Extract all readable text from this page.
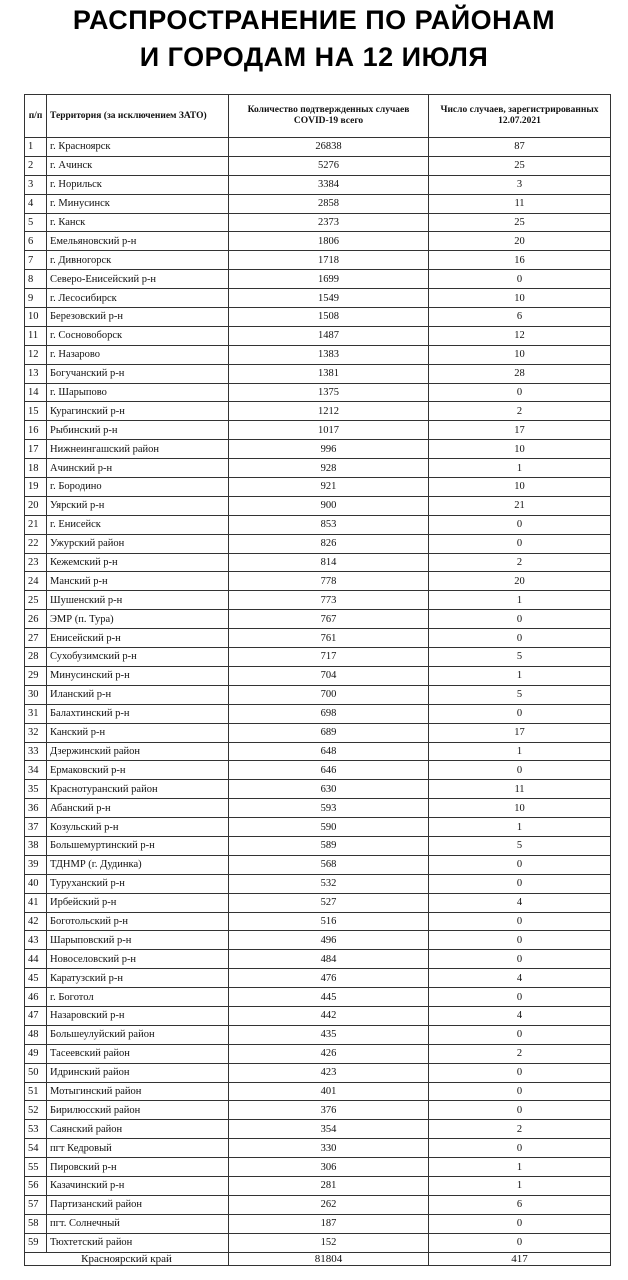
РАСПРОСТРАНЕНИЕ ПО РАЙОНАМ
И ГОРОДАМ НА 12 ИЮЛЯ
п/п	Территория (за исключением ЗАТО)	Количество подтвержденных случаев COVID-19 всего	Число случаев, зарегистрированных 12.07.2021
1	г. Красноярск	26838	87
2	г. Ачинск	5276	25
3	г. Норильск	3384	3
4	г. Минусинск	2858	11
5	г. Канск	2373	25
6	Емельяновский р-н	1806	20
7	г. Дивногорск	1718	16
8	Северо-Енисейский р-н	1699	0
9	г. Лесосибирск	1549	10
10	Березовский р-н	1508	6
11	г. Сосновоборск	1487	12
12	г. Назарово	1383	10
13	Богучанский р-н	1381	28
14	г. Шарыпово	1375	0
15	Курагинский р-н	1212	2
16	Рыбинский р-н	1017	17
17	Нижнеингашский район	996	10
18	Ачинский р-н	928	1
19	г. Бородино	921	10
20	Уярский р-н	900	21
21	г. Енисейск	853	0
22	Ужурский район	826	0
23	Кежемский р-н	814	2
24	Манский р-н	778	20
25	Шушенский р-н	773	1
26	ЭМР (п. Тура)	767	0
27	Енисейский р-н	761	0
28	Сухобузимский р-н	717	5
29	Минусинский р-н	704	1
30	Иланский р-н	700	5
31	Балахтинский р-н	698	0
32	Канский р-н	689	17
33	Дзержинский район	648	1
34	Ермаковский р-н	646	0
35	Краснотуранский район	630	11
36	Абанский р-н	593	10
37	Козульский р-н	590	1
38	Большемуртинский р-н	589	5
39	ТДНМР (г. Дудинка)	568	0
40	Туруханский р-н	532	0
41	Ирбейский р-н	527	4
42	Боготольский р-н	516	0
43	Шарыповский р-н	496	0
44	Новоселовский р-н	484	0
45	Каратузский р-н	476	4
46	г. Боготол	445	0
47	Назаровский р-н	442	4
48	Большеулуйский район	435	0
49	Тасеевский район	426	2
50	Идринский район	423	0
51	Мотыгинский район	401	0
52	Бирилюсский район	376	0
53	Саянский район	354	2
54	пгт Кедровый	330	0
55	Пировский р-н	306	1
56	Казачинский р-н	281	1
57	Партизанский район	262	6
58	пгт. Солнечный	187	0
59	Тюхтетский район	152	0
Красноярский край		81804	417
